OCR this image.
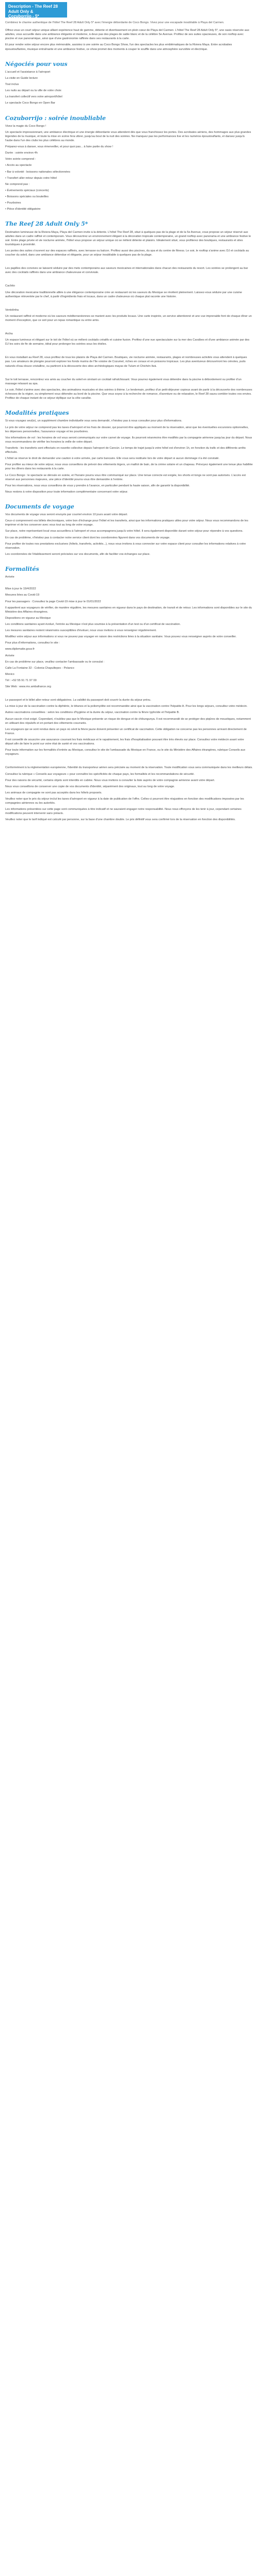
Description - The Reef 28 Adult Only &
Cozuborrijo - 5*

Combinez le charme authentique de l'hôtel The Reef 28 Adult Only 5* avec l'énergie débordante de Coco Bongo. Vivez pour une escapade inoubliable à Playa del Carmen.

Offrez-vous un court séjour unique alliant expérience haut de gamme, détente et divertissement en plein cœur de Playa del Carmen. L'hôtel The Reef 28 Adult Only 5*, une oasis réservée aux adultes, vous accueille dans une ambiance élégante et moderne, à deux pas des plages de sable blanc et de la célèbre 5e Avenue. Profitez de ses suites spacieuses, de son rooftop avec piscine et vue panoramique, ainsi que d'une gastronomie raffinée dans ses restaurants à la carte.

Et pour rendre votre séjour encore plus mémorable, assistez à une soirée au Coco Bongo Show, l'un des spectacles les plus emblématiques de la Riviera Maya. Entre acrobaties époustouflantes, musique entraînante et une ambiance festive, ce show promet des moments à couper le souffle dans une atmosphère survoltée et électrique.

Négociés pour vous

L'accueil et l'assistance à l'aéroport

La visite en Guide lecture

Tout inclus

Les nuits au départ ou la ville de votre choix

La transfert collectif vers votre aéroport/hôtel

Le spectacle Coco Bongo en Open Bar

Cozuborrijo : soirée inoubliable

Vivez la magie du Coco Bongo !

Un spectacle impressionnant, une ambiance électrique et une énergie débordante vous attendent dès que vous franchissez les portes. Des acrobates aériens, des hommages aux plus grandes légendes de la musique, et toute la mise en scène fera vibrer, jusqu'au bout de la nuit des soirées. Ne manquez pas les performances live et les numéros époustouflants, et dansez jusqu'à l'aube dans l'un des clubs les plus célèbres au monde.

Préparez-vous à danser, vous émerveiller, et pour quoi pas... à faire partie du show !

Durée : soirée environ 4h

Votre soirée comprend :

• Accès au spectacle

• Bar à volonté : boissons nationales sélectionnées

• Transfert aller-retour depuis votre hôtel

Ne comprend pas :

• Événements spéciaux (concerts)

• Boissons spéciales ou bouteilles

• Pourboires

• Pièce d'identité obligatoire

The Reef 28 Adult Only 5*

Destination lumineuse de la Riviera Maya, Playa del Carmen invite à la détente. L'hôtel The Reef 28, situé à quelques pas de la plage et de la 5e Avenue, vous propose un séjour réservé aux adultes dans un cadre raffiné et contemporain. Vous découvrirez un environnement élégant à la décoration tropicale contemporaine, un grand rooftop avec panorama et une ambiance festive le soir. Entre plage privée et vie nocturne animée, l'hôtel vous propose un séjour unique où se mêlent détente et plaisirs. Idéalement situé, vous profiterez des boutiques, restaurants et sites touristiques à proximité.

Les portes des suites s'ouvrent sur des espaces raffinés, avec terrasse ou balcon. Profitez aussi des piscines, du spa et du centre de fitness. Le soir, le rooftop s'anime avec DJ et cocktails au coucher du soleil, dans une ambiance détendue et élégante, pour un séjour inoubliable à quelques pas de la plage.

Les papilles des convives se laissent séduire par des mets contemporains aux saveurs mexicaines et internationales dans chacun des restaurants du resort. Les soirées se prolongent au bar avec des cocktails raffinés dans une ambiance chaleureuse et conviviale.

Cachito

Une décoration mexicaine traditionnelle alliée à une élégance contemporaine crée un restaurant où les saveurs du Mexique se révèlent pleinement. Laissez-vous séduire par une cuisine authentique réinventée par le chef, à partir d'ingrédients frais et locaux, dans un cadre chaleureux où chaque plat raconte une histoire.

Ventolinha

Un restaurant raffiné et moderne où les saveurs méditerranéennes se marient avec les produits locaux. Une carte inspirée, un service attentionné et une vue imprenable font de chaque dîner un moment d'exception, que ce soit pour un repas romantique ou entre amis.

Archa

Un espace lumineux et élégant sur le toit de l'hôtel où se mêlent cocktails créatifs et cuisine fusion. Profitez d'une vue spectaculaire sur la mer des Caraïbes et d'une ambiance animée par des DJ les soirs de fin de semaine, idéal pour prolonger les soirées sous les étoiles.

En vous installant au Reef 28, vous profitez de tous les plaisirs de Playa del Carmen. Boutiques, vie nocturne animée, restaurants, plages et nombreuses activités vous attendent à quelques pas. Les amateurs de plongée pourront explorer les fonds marins de l'île voisine de Cozumel, riches en coraux et en poissons tropicaux. Les plus aventureux découvriront les cénotes, puits naturels d'eau douce cristalline, ou partiront à la découverte des sites archéologiques mayas de Tulum et Chichén Itzá.

Sur le toit terrasse, rencontrez vos amis au coucher du soleil en sirotant un cocktail rafraîchissant. Vous pourrez également vous détendre dans la piscine à débordement ou profiter d'un massage relaxant au spa.

Le soir, l'hôtel s'anime avec des spectacles, des animations musicales et des soirées à thème. Le lendemain, profitez d'un petit-déjeuner copieux avant de partir à la découverte des nombreuses richesses de la région, ou simplement vous détendre au bord de la piscine. Que vous soyez à la recherche de romance, d'aventure ou de relaxation, le Reef 28 saura combler toutes vos envies. Profitez de chaque instant de ce séjour idyllique sur la côte caraïbe.

Modalités pratiques

Si vous voyagez seul(e), un supplément chambre individuelle vous sera demandé, n'hésitez pas à nous consulter pour plus d'informations.

Le prix de votre séjour ne comprend pas les taxes d'aéroport et les frais de dossier, qui pourront être appliqués au moment de la réservation, ainsi que les éventuelles excursions optionnelles, les dépenses personnelles, l'assurance voyage et les pourboires.

Vos informations de vol : les horaires de vol vous seront communiqués sur votre carnet de voyage. Ils pourront néanmoins être modifiés par la compagnie aérienne jusqu'au jour du départ. Nous vous recommandons de vérifier les horaires la veille de votre départ.

Transferts : les transferts sont effectués en navette collective depuis l'aéroport de Cancún. Le temps de trajet jusqu'à votre hôtel est d'environ 1h, en fonction du trafic et des différents arrêts effectués.

L'hôtel se réserve le droit de demander une caution à votre arrivée, par carte bancaire. Elle vous sera restituée lors de votre départ si aucun dommage n'a été constaté.

Pour profiter au mieux de votre séjour, nous vous conseillons de prévoir des vêtements légers, un maillot de bain, de la crème solaire et un chapeau. Prévoyez également une tenue plus habillée pour les dîners dans les restaurants à la carte.

Le Coco Bongo : le spectacle se déroule en soirée, et l'horaire pourra vous être communiqué sur place. Une tenue correcte est exigée, les shorts et tongs ne sont pas autorisés. L'accès est réservé aux personnes majeures, une pièce d'identité pourra vous être demandée à l'entrée.

Pour les réservations, nous vous conseillons de vous y prendre à l'avance, en particulier pendant la haute saison, afin de garantir la disponibilité.

Nous restons à votre disposition pour toute information complémentaire concernant votre séjour.

Documents de voyage

Vos documents de voyage vous seront envoyés par courriel environ 10 jours avant votre départ.

Ceux-ci comprennent vos billets électroniques, votre bon d'échange pour l'hôtel et les transferts, ainsi que les informations pratiques utiles pour votre séjour. Nous vous recommandons de les imprimer et de les conserver avec vous tout au long de votre voyage.

Sur place, notre représentant local vous accueillera à l'aéroport et vous accompagnera jusqu'à votre hôtel. Il sera également disponible durant votre séjour pour répondre à vos questions.

En cas de problème, n'hésitez pas à contacter notre service client dont les coordonnées figurent dans vos documents de voyage.

Pour profiter de toutes nos prestations exclusives (hôtels, transferts, activités...), nous vous invitons à vous connecter sur votre espace client pour consulter les informations relatives à votre réservation.

Les coordonnées de l'établissement seront précisées sur vos documents, afin de faciliter vos échanges sur place.

Formalités

Arrivée

Mise à jour le 19/4/2022

Mesures liées au Covid-19

Pour les passagers : Consultez la page Covid-19 mise à jour le 01/01/2022

Il appartient aux voyageurs de vérifier, de manière régulière, les mesures sanitaires en vigueur dans le pays de destination, de transit et de retour. Les informations sont disponibles sur le site du Ministère des Affaires étrangères.

Dispositions en vigueur au Mexique

Les conditions sanitaires ayant évolué, l'entrée au Mexique n'est plus soumise à la présentation d'un test ou d'un certificat de vaccination.

Les mesures sanitaires restent néanmoins susceptibles d'évoluer, nous vous invitons à vous renseigner régulièrement.

Modifiez votre séjour aux informations si vous ne pouvez pas voyager en raison des restrictions liées à la situation sanitaire. Vous pouvez vous renseigner auprès de votre conseiller.

Pour plus d'informations, consultez le site :

www.diplomatie.gouv.fr

Arrivée

En cas de problème sur place, veuillez contacter l'ambassade ou le consulat :

Calle La Fontaine 32 - Colonia Chapultepec - Polanco

Mexico

Tél : +52 55 91 71 97 00

Site Web : www.mx.ambafrance.org

Le passeport et le billet aller-retour sont obligatoires. La validité du passeport doit couvrir la durée du séjour prévu.

La mise à jour de la vaccination contre la diphtérie, le tétanos et la poliomyélite est recommandée ainsi que la vaccination contre l'hépatite A. Pour les longs séjours, consultez votre médecin.

Autres vaccinations conseillées : selon les conditions d'hygiène et la durée du séjour, vaccination contre la fièvre typhoïde et l'hépatite B.

Aucun vaccin n'est exigé. Cependant, n'oubliez pas que le Mexique présente un risque de dengue et de chikungunya. Il est recommandé de se protéger des piqûres de moustiques, notamment en utilisant des répulsifs et en portant des vêtements couvrants.

Les voyageurs qui se sont rendus dans un pays où sévit la fièvre jaune doivent présenter un certificat de vaccination. Cette obligation ne concerne pas les personnes arrivant directement de France.

Il est conseillé de souscrire une assurance couvrant les frais médicaux et le rapatriement, les frais d'hospitalisation pouvant être très élevés sur place. Consultez votre médecin avant votre départ afin de faire le point sur votre état de santé et vos vaccinations.

Pour toute information sur les formalités d'entrée au Mexique, consultez le site de l'ambassade du Mexique en France, ou le site du Ministère des Affaires étrangères, rubrique Conseils aux voyageurs.

Conformément à la réglementation européenne, l'identité du transporteur aérien sera précisée au moment de la réservation. Toute modification vous sera communiquée dans les meilleurs délais.

Consultez la rubrique « Conseils aux voyageurs » pour connaître les spécificités de chaque pays, les formalités et les recommandations de sécurité.

Pour des raisons de sécurité, certains objets sont interdits en cabine. Nous vous invitons à consulter la liste auprès de votre compagnie aérienne avant votre départ.

Nous vous conseillons de conserver une copie de vos documents d'identité, séparément des originaux, tout au long de votre voyage.

Les animaux de compagnie ne sont pas acceptés dans les hôtels proposés.

Veuillez noter que le prix du séjour inclut les taxes d'aéroport en vigueur à la date de publication de l'offre. Celles-ci pourront être réajustées en fonction des modifications imposées par les compagnies aériennes ou les autorités.

Les informations présentées sur cette page sont communiquées à titre indicatif et ne sauraient engager notre responsabilité. Nous nous efforçons de les tenir à jour, cependant certaines modifications peuvent intervenir sans préavis.

Veuillez noter que le tarif indiqué est calculé par personne, sur la base d'une chambre double. Le prix définitif vous sera confirmé lors de la réservation en fonction des disponibilités.
